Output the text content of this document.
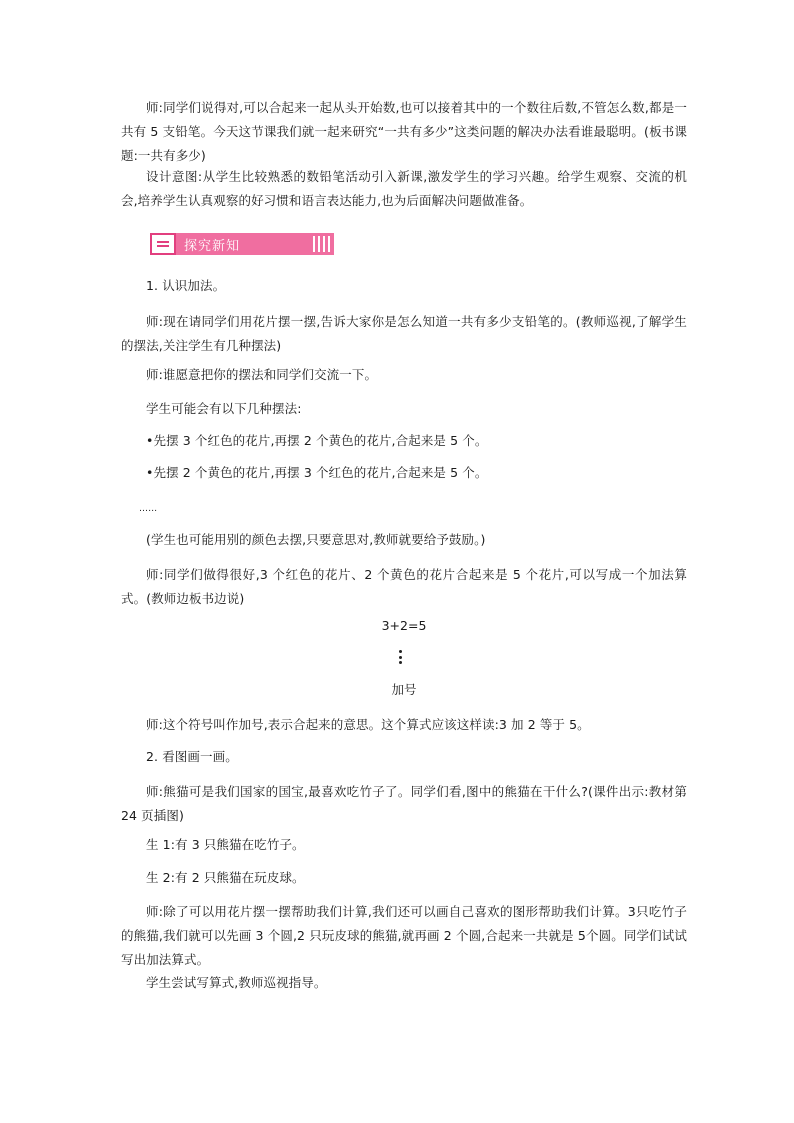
师:同学们说得对,可以合起来一起从头开始数,也可以接着其中的一个数往后数,不管怎么数,都是一共有 5 支铅笔。今天这节课我们就一起来研究“一共有多少”这类问题的解决办法看谁最聪明。(板书课题:一共有多少)

设计意图:从学生比较熟悉的数铅笔活动引入新课,激发学生的学习兴趣。给学生观察、交流的机会,培养学生认真观察的好习惯和语言表达能力,也为后面解决问题做准备。

探究新知

1. 认识加法。

师:现在请同学们用花片摆一摆,告诉大家你是怎么知道一共有多少支铅笔的。(教师巡视,了解学生的摆法,关注学生有几种摆法)

师:谁愿意把你的摆法和同学们交流一下。

学生可能会有以下几种摆法:

•先摆 3 个红色的花片,再摆 2 个黄色的花片,合起来是 5 个。

•先摆 2 个黄色的花片,再摆 3 个红色的花片,合起来是 5 个。

……

(学生也可能用别的颜色去摆,只要意思对,教师就要给予鼓励。)

师:同学们做得很好,3 个红色的花片、2 个黄色的花片合起来是 5 个花片,可以写成一个加法算式。(教师边板书边说)

3+2=5

加号

师:这个符号叫作加号,表示合起来的意思。这个算式应该这样读:3 加 2 等于 5。

2. 看图画一画。

师:熊猫可是我们国家的国宝,最喜欢吃竹子了。同学们看,图中的熊猫在干什么?(课件出示:教材第 24 页插图)

生 1:有 3 只熊猫在吃竹子。

生 2:有 2 只熊猫在玩皮球。

师:除了可以用花片摆一摆帮助我们计算,我们还可以画自己喜欢的图形帮助我们计算。3只吃竹子的熊猫,我们就可以先画 3 个圆,2 只玩皮球的熊猫,就再画 2 个圆,合起来一共就是 5个圆。同学们试试写出加法算式。

学生尝试写算式,教师巡视指导。
